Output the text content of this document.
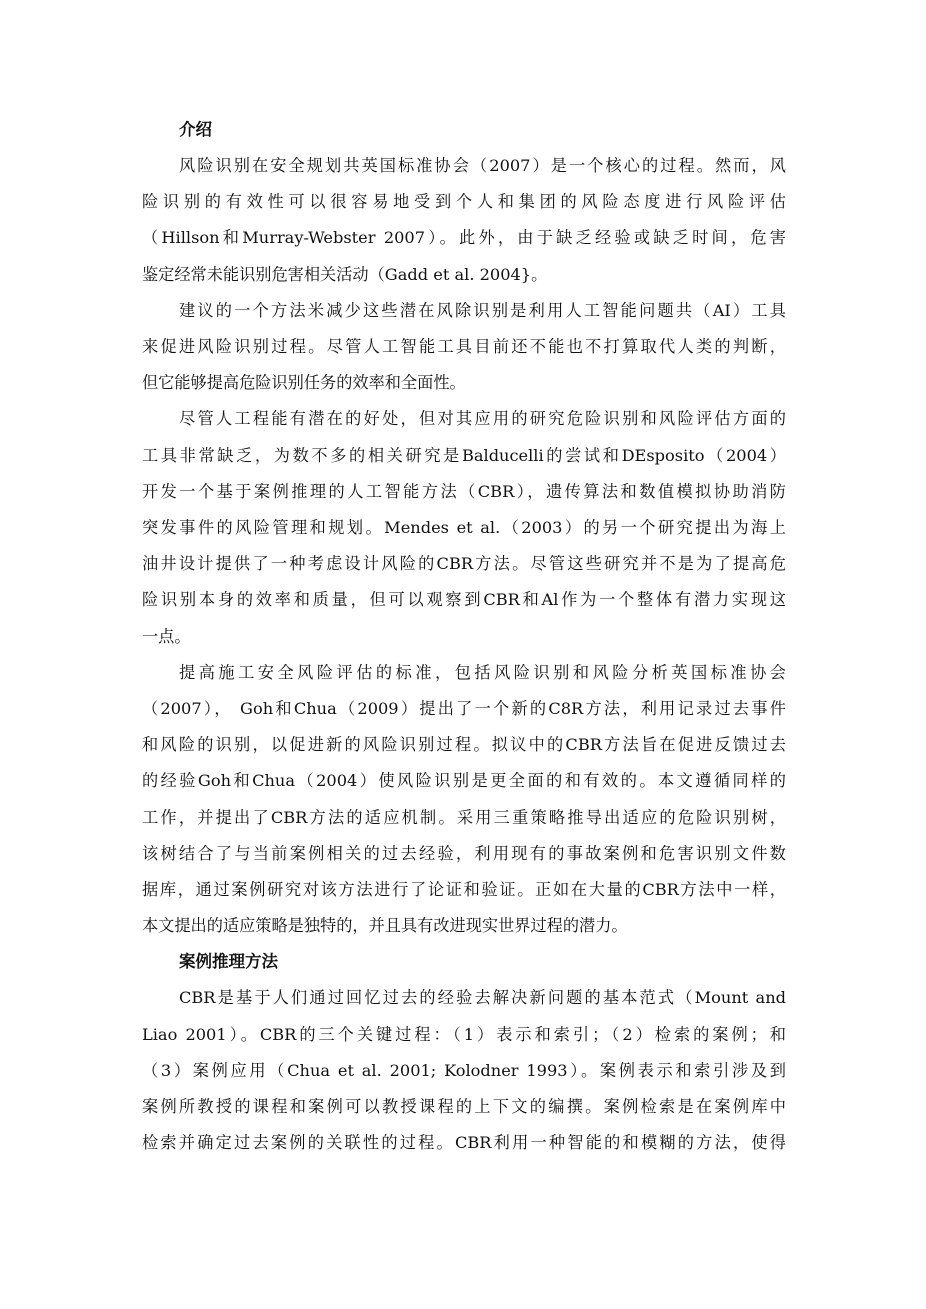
介绍

风险识别在安全规划共英国标准协会（2007）是一个核心的过程。然而，风
险识别的有效性可以很容易地受到个人和集团的风险态度进行风险评估
（Hillson和Murray-Webster 2007）。此外，由于缺乏经验或缺乏时间，危害
鉴定经常未能识别危害相关活动（Gadd et al. 2004}。

建议的一个方法米减少这些潜在风除识别是利用人工智能问题共（AI）工具
来促进风险识别过程。尽管人工智能工具目前还不能也不打算取代人类的判断，
但它能够提高危险识别任务的效率和全面性。

尽管人工程能有潜在的好处，但对其应用的研究危险识别和风险评估方面的
工具非常缺乏，为数不多的相关研究是Balducelli的尝试和DEsposito（2004）
开发一个基于案例推理的人工智能方法（CBR），遗传算法和数值模拟协助消防
突发事件的风险管理和规划。Mendes et al.（2003）的另一个研究提出为海上
油井设计提供了一种考虑设计风险的CBR方法。尽管这些研究并不是为了提高危
险识别本身的效率和质量，但可以观察到CBR和Al作为一个整体有潜力实现这
一点。

提高施工安全风险评估的标准，包括风险识别和风险分析英国标准协会
（2007）， Goh和Chua（2009）提出了一个新的C8R方法，利用记录过去事件
和风险的识别，以促进新的风险识别过程。拟议中的CBR方法旨在促进反馈过去
的经验Goh和Chua（2004）使风险识别是更全面的和有效的。本文遵循同样的
工作，并提出了CBR方法的适应机制。采用三重策略推导出适应的危险识别树，
该树结合了与当前案例相关的过去经验，利用现有的事故案例和危害识别文件数
据库，通过案例研究对该方法进行了论证和验证。正如在大量的CBR方法中一样，
本文提出的适应策略是独特的，并且具有改进现实世界过程的潜力。

案例推理方法

CBR是基于人们通过回忆过去的经验去解决新问题的基本范式（Mount and
Liao 2001）。CBR的三个关键过程：（1）表示和索引；（2）检索的案例；和
（3）案例应用（Chua et al. 2001; Kolodner 1993）。案例表示和索引涉及到
案例所教授的课程和案例可以教授课程的上下文的编撰。案例检索是在案例库中
检索并确定过去案例的关联性的过程。CBR利用一种智能的和模糊的方法，使得
